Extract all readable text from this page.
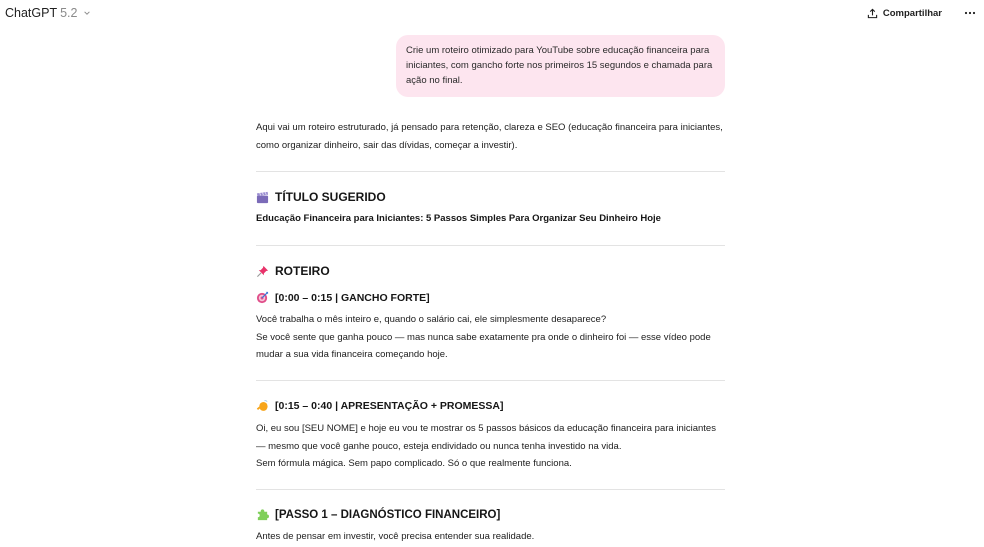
ChatGPT 5.2	Compartilhar
Crie um roteiro otimizado para YouTube sobre educação financeira para iniciantes, com gancho forte nos primeiros 15 segundos e chamada para ação no final.
Aqui vai um roteiro estruturado, já pensado para retenção, clareza e SEO (educação financeira para iniciantes, como organizar dinheiro, sair das dívidas, começar a investir).
TÍTULO SUGERIDO
Educação Financeira para Iniciantes: 5 Passos Simples Para Organizar Seu Dinheiro Hoje
ROTEIRO
[0:00 – 0:15 | GANCHO FORTE]
Você trabalha o mês inteiro e, quando o salário cai, ele simplesmente desaparece?
Se você sente que ganha pouco — mas nunca sabe exatamente pra onde o dinheiro foi — esse vídeo pode mudar a sua vida financeira começando hoje.
[0:15 – 0:40 | APRESENTAÇÃO + PROMESSA]
Oi, eu sou [SEU NOME] e hoje eu vou te mostrar os 5 passos básicos da educação financeira para iniciantes — mesmo que você ganhe pouco, esteja endividado ou nunca tenha investido na vida.
Sem fórmula mágica. Sem papo complicado. Só o que realmente funciona.
[PASSO 1 – DIAGNÓSTICO FINANCEIRO]
Antes de pensar em investir, você precisa entender sua realidade.
